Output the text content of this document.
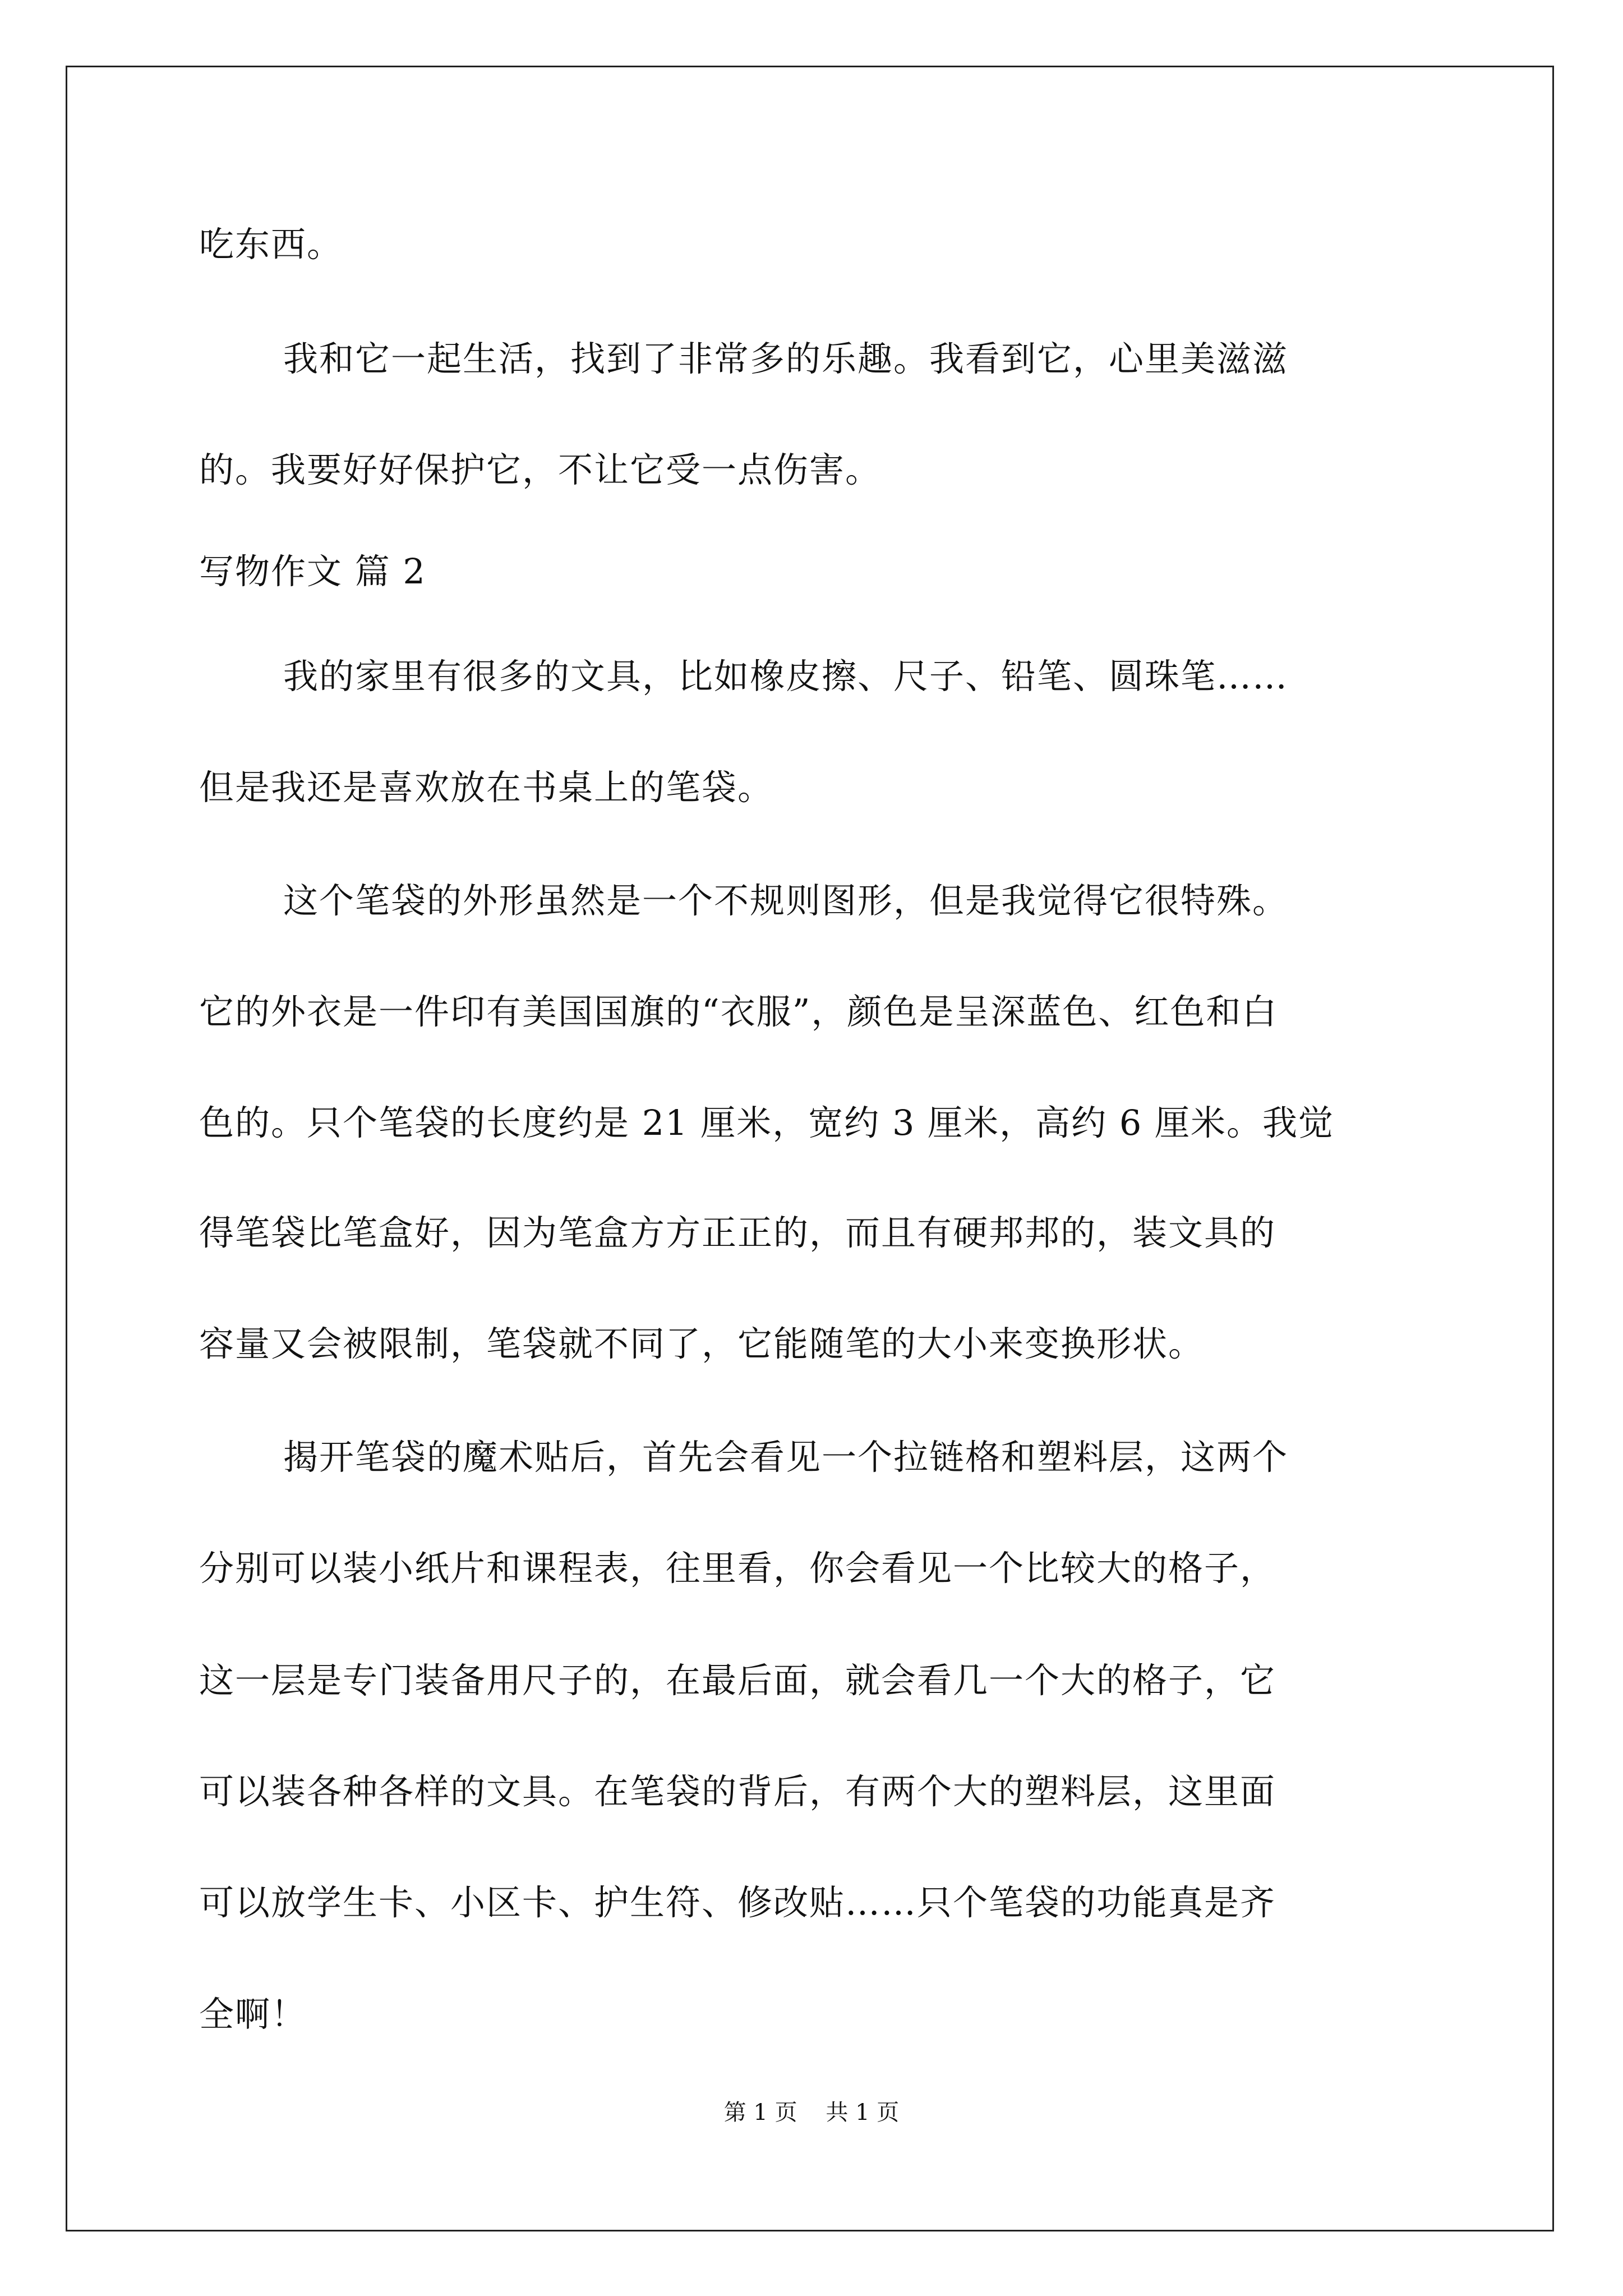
吃东西。
我和它一起生活，找到了非常多的乐趣。我看到它，心里美滋滋
的。我要好好保护它，不让它受一点伤害。
写物作文 篇 2
我的家里有很多的文具，比如橡皮擦、尺子、铅笔、圆珠笔……
但是我还是喜欢放在书桌上的笔袋。
这个笔袋的外形虽然是一个不规则图形，但是我觉得它很特殊。
它的外衣是一件印有美国国旗的“衣服”，颜色是呈深蓝色、红色和白
色的。只个笔袋的长度约是 21 厘米，宽约 3 厘米，高约 6 厘米。我觉
得笔袋比笔盒好，因为笔盒方方正正的，而且有硬邦邦的，装文具的
容量又会被限制，笔袋就不同了，它能随笔的大小来变换形状。
揭开笔袋的魔术贴后，首先会看见一个拉链格和塑料层，这两个
分别可以装小纸片和课程表，往里看，你会看见一个比较大的格子，
这一层是专门装备用尺子的，在最后面，就会看几一个大的格子，它
可以装各种各样的文具。在笔袋的背后，有两个大的塑料层，这里面
可以放学生卡、小区卡、护生符、修改贴……只个笔袋的功能真是齐
全啊！
第 1 页    共 1 页
